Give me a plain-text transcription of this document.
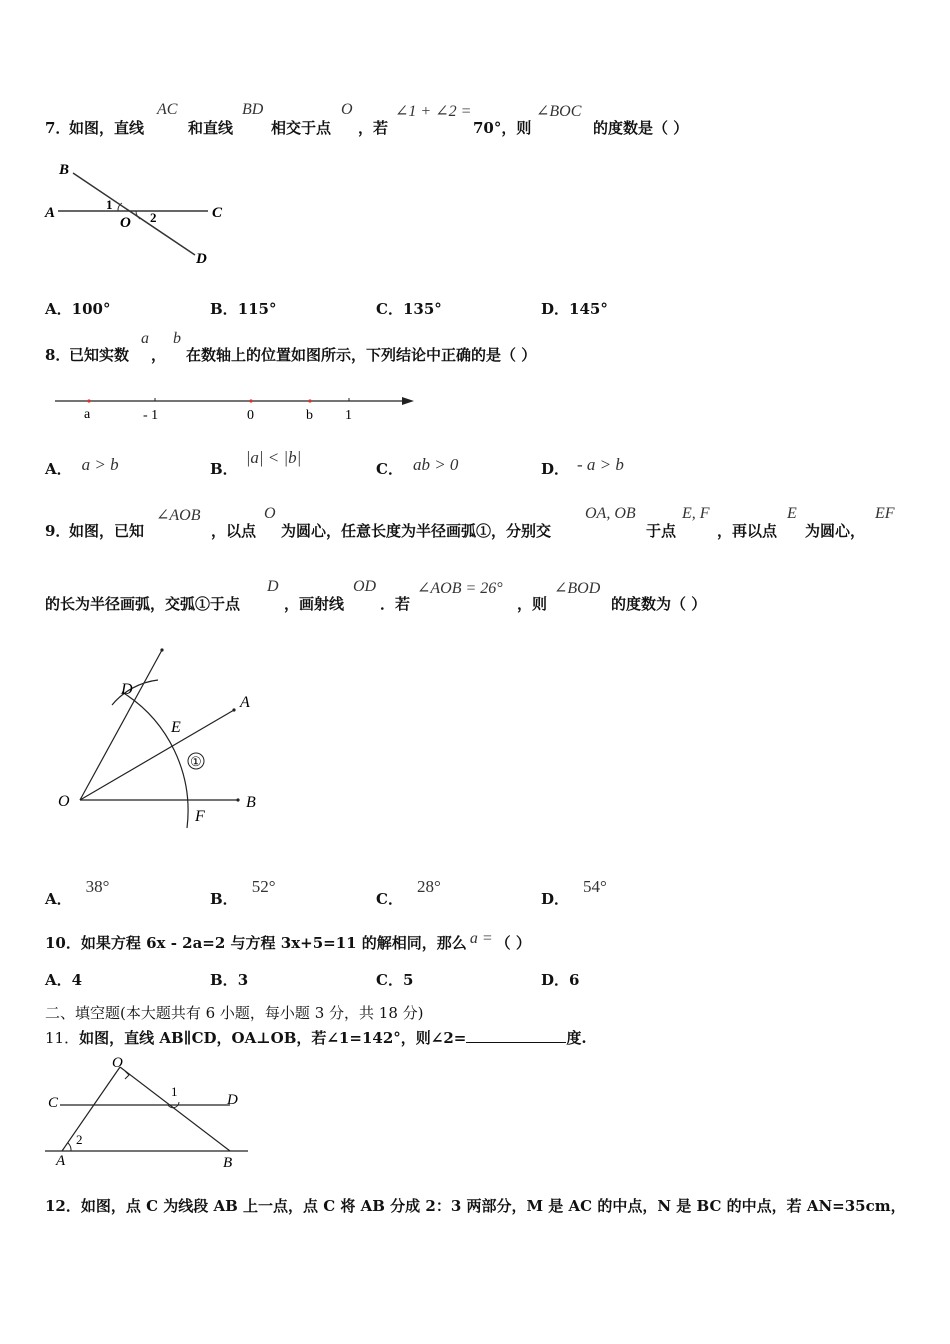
7．
如图，直线
AC
和直线
BD
相交于点
O
，若
∠1 + ∠2 =
70°，则
∠BOC
的度数是（ ）
B
A	C
D
O
1
2
A．100°	B．115°	C．135°	D．145°
8．
已知实数
a
，
b
在数轴上的位置如图所示，下列结论中正确的是（ ）
a	- 1	0	b 1
A． a > b	B．|a| < |b|
C． ab > 0	D． - a > b
9．
如图，已知
∠AOB
，以点
O
为圆心，任意长度为半径画弧①，分别交
OA, OB
于点
E, F
，再以点
E
为圆心，
EF
的长为半径画弧，交弧①于点
D
，画射线
OD
．若
∠AOB = 26°
，则
∠BOD
的度数为（ ）
D
A
E
①
O	B
F
A．38°
B．52°
C．28°
D．54°
10．如果方程 6x - 2a=2 与方程 3x+5=11 的解相同，那么 a = （ ）
A．4	B．3	C．5	D．6
二、填空题(本大题共有 6 小题，每小题 3 分，共 18 分)
11．如图，直线 AB∥CD，OA⊥OB，若∠1=142°，则∠2=	度.
O
C	D
1
2
A	B
12．如图，点 C 为线段 AB 上一点，点 C 将 AB 分成 2：3 两部分，M 是 AC 的中点，N 是 BC 的中点，若 AN=35cm，
